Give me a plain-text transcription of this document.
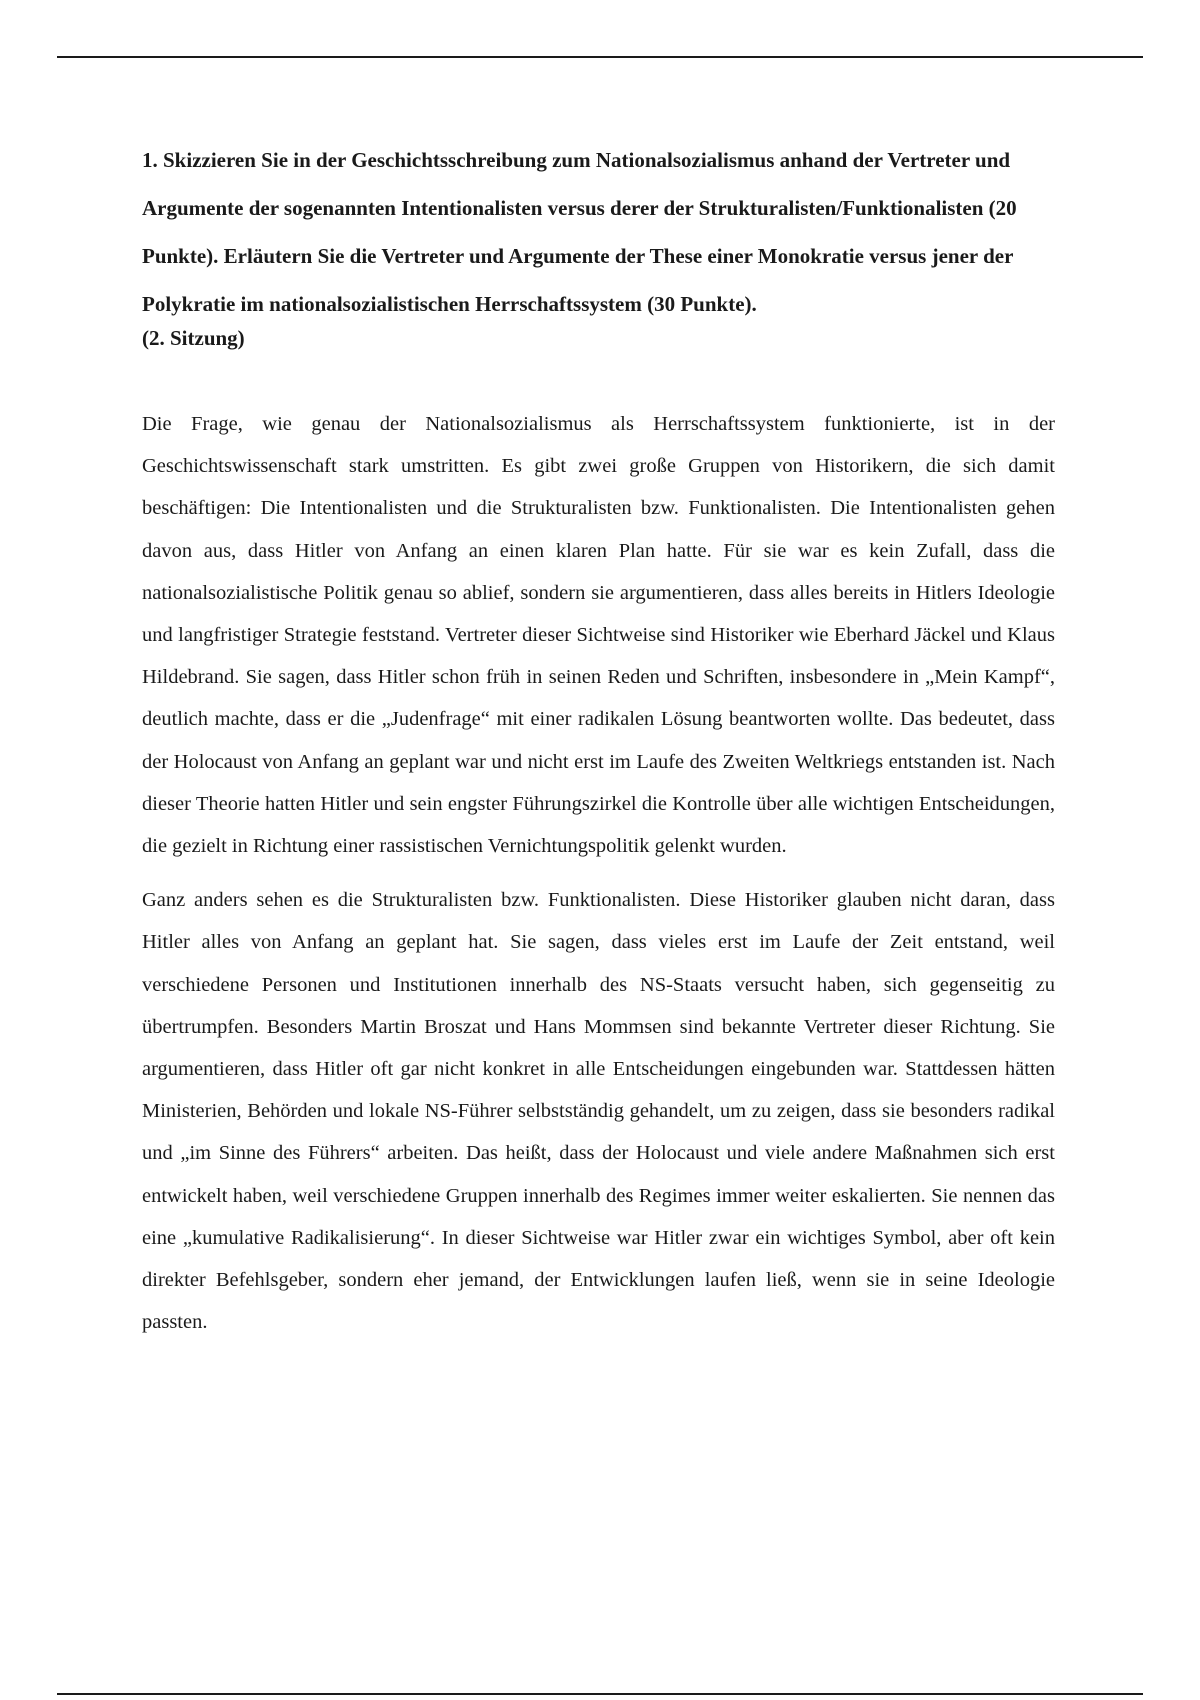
1. Skizzieren Sie in der Geschichtsschreibung zum Nationalsozialismus anhand der Vertreter und Argumente der sogenannten Intentionalisten versus derer der Strukturalisten/Funktionalisten (20 Punkte). Erläutern Sie die Vertreter und Argumente der These einer Monokratie versus jener der Polykratie im nationalsozialistischen Herrschaftssystem (30 Punkte).

(2. Sitzung)

Die Frage, wie genau der Nationalsozialismus als Herrschaftssystem funktionierte, ist in der Geschichtswissenschaft stark umstritten. Es gibt zwei große Gruppen von Historikern, die sich damit beschäftigen: Die Intentionalisten und die Strukturalisten bzw. Funktionalisten. Die Intentionalisten gehen davon aus, dass Hitler von Anfang an einen klaren Plan hatte. Für sie war es kein Zufall, dass die nationalsozialistische Politik genau so ablief, sondern sie argumentieren, dass alles bereits in Hitlers Ideologie und langfristiger Strategie feststand. Vertreter dieser Sichtweise sind Historiker wie Eberhard Jäckel und Klaus Hildebrand. Sie sagen, dass Hitler schon früh in seinen Reden und Schriften, insbesondere in „Mein Kampf“, deutlich machte, dass er die „Judenfrage“ mit einer radikalen Lösung beantworten wollte. Das bedeutet, dass der Holocaust von Anfang an geplant war und nicht erst im Laufe des Zweiten Weltkriegs entstanden ist. Nach dieser Theorie hatten Hitler und sein engster Führungszirkel die Kontrolle über alle wichtigen Entscheidungen, die gezielt in Richtung einer rassistischen Vernichtungspolitik gelenkt wurden.

Ganz anders sehen es die Strukturalisten bzw. Funktionalisten. Diese Historiker glauben nicht daran, dass Hitler alles von Anfang an geplant hat. Sie sagen, dass vieles erst im Laufe der Zeit entstand, weil verschiedene Personen und Institutionen innerhalb des NS-Staats versucht haben, sich gegenseitig zu übertrumpfen. Besonders Martin Broszat und Hans Mommsen sind bekannte Vertreter dieser Richtung. Sie argumentieren, dass Hitler oft gar nicht konkret in alle Entscheidungen eingebunden war. Stattdessen hätten Ministerien, Behörden und lokale NS-Führer selbstständig gehandelt, um zu zeigen, dass sie besonders radikal und „im Sinne des Führers“ arbeiten. Das heißt, dass der Holocaust und viele andere Maßnahmen sich erst entwickelt haben, weil verschiedene Gruppen innerhalb des Regimes immer weiter eskalierten. Sie nennen das eine „kumulative Radikalisierung“. In dieser Sichtweise war Hitler zwar ein wichtiges Symbol, aber oft kein direkter Befehlsgeber, sondern eher jemand, der Entwicklungen laufen ließ, wenn sie in seine Ideologie passten.
